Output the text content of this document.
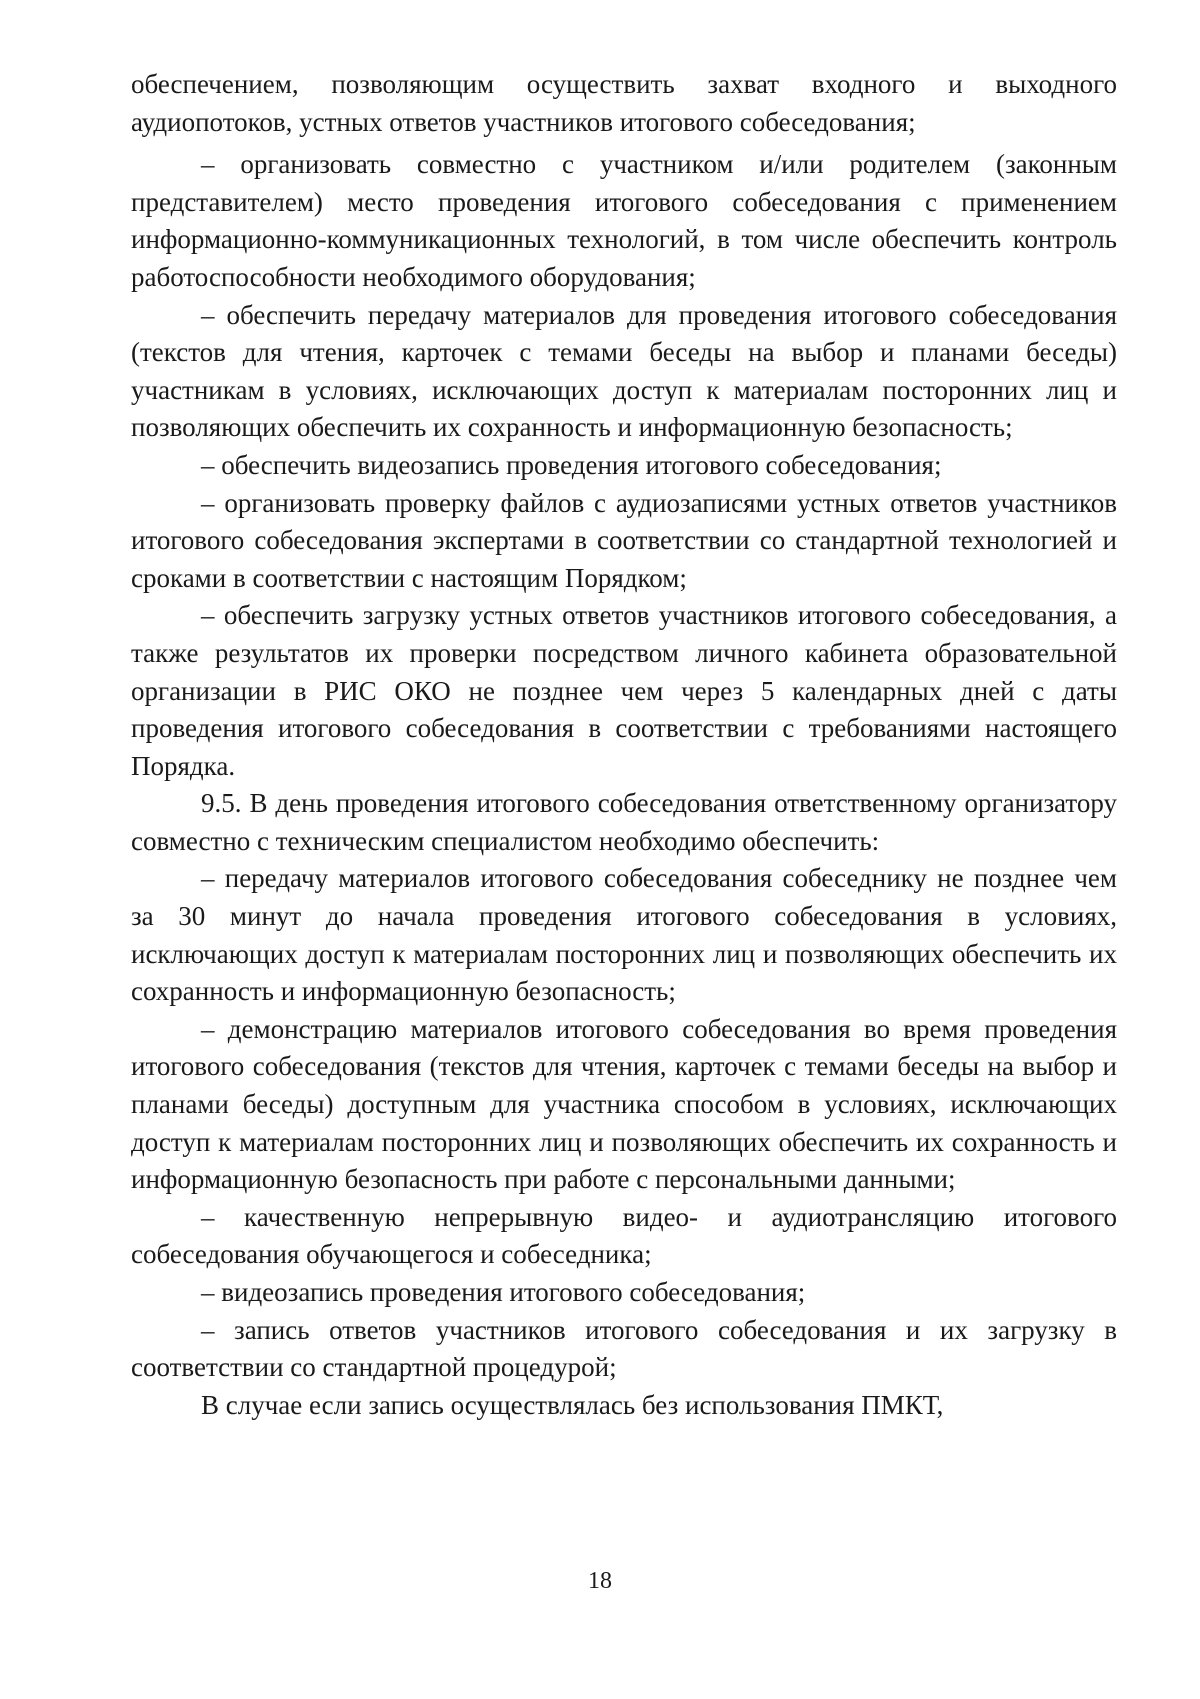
обеспечением, позволяющим осуществить захват входного и выходного аудиопотоков, устных ответов участников итогового собеседования;

– организовать совместно с участником и/или родителем (законным представителем) место проведения итогового собеседования с применением информационно-коммуникационных технологий, в том числе обеспечить контроль работоспособности необходимого оборудования;

– обеспечить передачу материалов для проведения итогового собеседования (текстов для чтения, карточек с темами беседы на выбор и планами беседы) участникам в условиях, исключающих доступ к материалам посторонних лиц и позволяющих обеспечить их сохранность и информационную безопасность;

– обеспечить видеозапись проведения итогового собеседования;

– организовать проверку файлов с аудиозаписями устных ответов участников итогового собеседования экспертами в соответствии со стандартной технологией и сроками в соответствии с настоящим Порядком;

– обеспечить загрузку устных ответов участников итогового собеседования, а также результатов их проверки посредством личного кабинета образовательной организации в РИС ОКО не позднее чем через 5 календарных дней с даты проведения итогового собеседования в соответствии с требованиями настоящего Порядка.

9.5. В день проведения итогового собеседования ответственному организатору совместно с техническим специалистом необходимо обеспечить:

– передачу материалов итогового собеседования собеседнику не позднее чем за 30 минут до начала проведения итогового собеседования в условиях, исключающих доступ к материалам посторонних лиц и позволяющих обеспечить их сохранность и информационную безопасность;

– демонстрацию материалов итогового собеседования во время проведения итогового собеседования (текстов для чтения, карточек с темами беседы на выбор и планами беседы) доступным для участника способом в условиях, исключающих доступ к материалам посторонних лиц и позволяющих обеспечить их сохранность и информационную безопасность при работе с персональными данными;

– качественную непрерывную видео- и аудиотрансляцию итогового собеседования обучающегося и собеседника;

– видеозапись проведения итогового собеседования;

– запись ответов участников итогового собеседования и их загрузку в соответствии со стандартной процедурой;

В случае если запись осуществлялась без использования ПМКТ,

18
